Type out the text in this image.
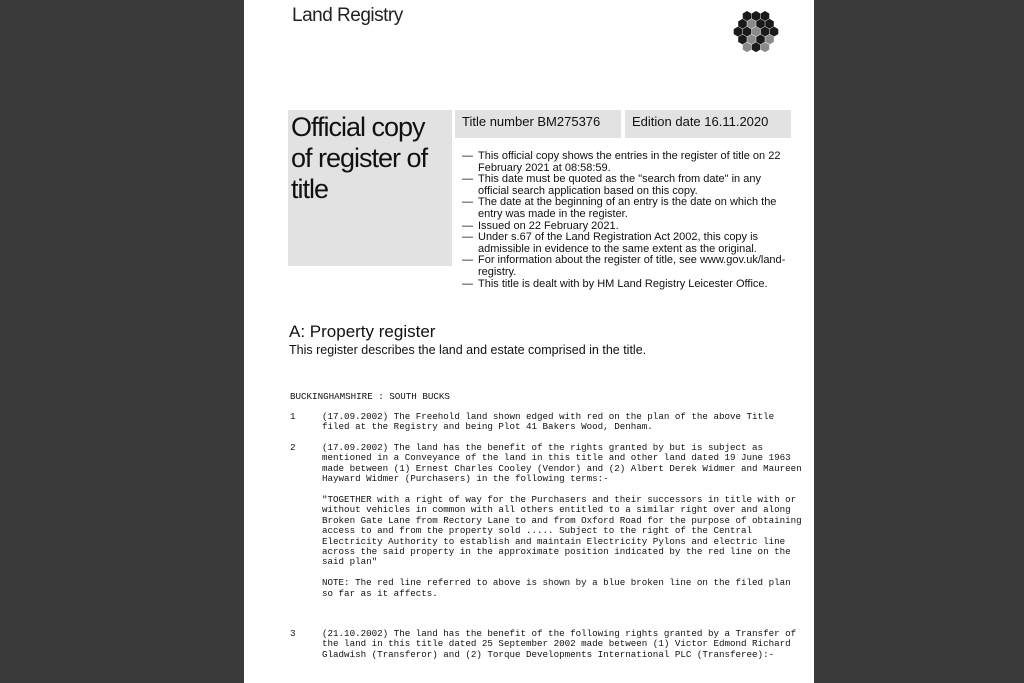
Land Registry
Official copy of register of title
Title number BM275376 Edition date 16.11.2020
— This official copy shows the entries in the register of title on 22 February 2021 at 08:58:59.
— This date must be quoted as the "search from date" in any official search application based on this copy.
— The date at the beginning of an entry is the date on which the entry was made in the register.
— Issued on 22 February 2021.
— Under s.67 of the Land Registration Act 2002, this copy is admissible in evidence to the same extent as the original.
— For information about the register of title, see www.gov.uk/land-registry.
— This title is dealt with by HM Land Registry Leicester Office.
A: Property register
This register describes the land and estate comprised in the title.
BUCKINGHAMSHIRE : SOUTH BUCKS
1	(17.09.2002) The Freehold land shown edged with red on the plan of the above Title filed at the Registry and being Plot 41 Bakers Wood, Denham.

2	(17.09.2002) The land has the benefit of the rights granted by but is subject as mentioned in a Conveyance of the land in this title and other land dated 19 June 1963 made between (1) Ernest Charles Cooley (Vendor) and (2) Albert Derek Widmer and Maureen Hayward Widmer (Purchasers) in the following terms:-

"TOGETHER with a right of way for the Purchasers and their successors in title with or without vehicles in common with all others entitled to a similar right over and along Broken Gate Lane from Rectory Lane to and from Oxford Road for the purpose of obtaining access to and from the property sold ..... Subject to the right of the Central Electricity Authority to establish and maintain Electricity Pylons and electric line across the said property in the approximate position indicated by the red line on the said plan"

NOTE: The red line referred to above is shown by a blue broken line on the filed plan so far as it affects.

3	(21.10.2002) The land has the benefit of the following rights granted by a Transfer of the land in this title dated 25 September 2002 made between (1) Victor Edmond Richard Gladwish (Transferor) and (2) Torque Developments International PLC (Transferee):-
